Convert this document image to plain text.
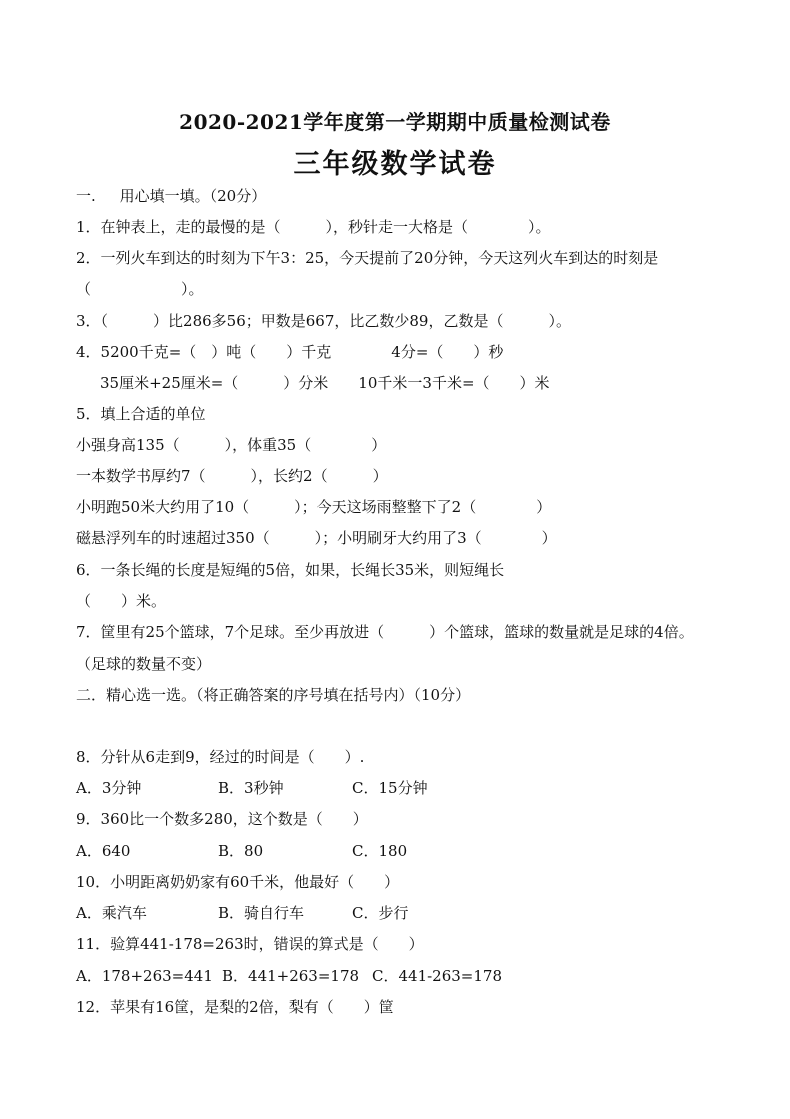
2020-2021学年度第一学期期中质量检测试卷
三年级数学试卷
一.     用心填一填。（20分）
1．在钟表上，走的最慢的是（　　　），秒针走一大格是（　　　　）。
2．一列火车到达的时刻为下午3：25，今天提前了20分钟，今天这列火车到达的时刻是
（　　　　　　）。
3．（　　　）比286多56；甲数是667，比乙数少89，乙数是（　　　）。
4．5200千克=（　）吨（　　）千克　　　　4分=（　　）秒
35厘米+25厘米=（　　　）分米　　10千米一3千米=（　　）米
5．填上合适的单位
小强身高135（　　　），体重35（　　　　）
一本数学书厚约7（　　　），长约2（　　　）
小明跑50米大约用了10（　　　）；今天这场雨整整下了2（　　　　）
磁悬浮列车的时速超过350（　　　）；小明刷牙大约用了3（　　　　）
6．一条长绳的长度是短绳的5倍，如果，长绳长35米，则短绳长
（　　）米。
7．筐里有25个篮球，7个足球。至少再放进（　　　）个篮球，篮球的数量就是足球的4倍。
（足球的数量不变）
二．精心选一选。（将正确答案的序号填在括号内）（10分）
8．分针从6走到9，经过的时间是（　　）.
A．3分钟	B．3秒钟	C．15分钟
9．360比一个数多280，这个数是（　　）
A．640	B．80	C．180
10．小明距离奶奶家有60千米，他最好（　　）
A．乘汽车	B．骑自行车	C．步行
11．验算441-178=263时，错误的算式是（　　）
A．178+263=441 B．441+263=178 C．441-263=178
12．苹果有16筐，是梨的2倍，梨有（　　）筐
